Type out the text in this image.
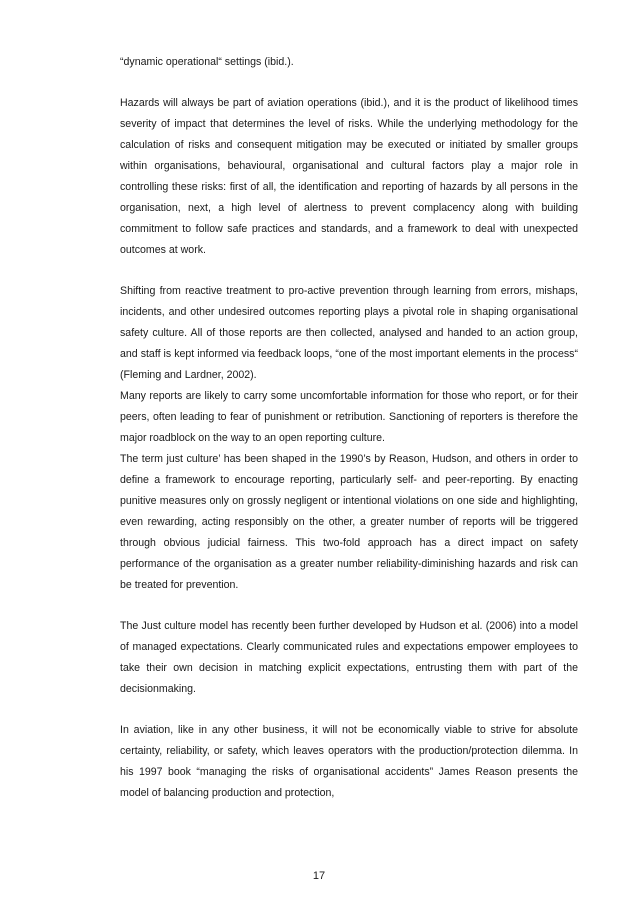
“dynamic operational“ settings (ibid.).

Hazards will always be part of aviation operations (ibid.), and it is the product of likelihood times severity of impact that determines the level of risks. While the underlying methodology for the calculation of risks and consequent mitigation may be executed or initiated by smaller groups within organisations, behavioural, organisational and cultural factors play a major role in controlling these risks: first of all, the identification and reporting of hazards by all persons in the organisation, next, a high level of alertness to prevent complacency along with building commitment to follow safe practices and standards, and a framework to deal with unexpected outcomes at work.

Shifting from reactive treatment to pro-active prevention through learning from errors, mishaps, incidents, and other undesired outcomes reporting plays a pivotal role in shaping organisational safety culture. All of those reports are then collected, analysed and handed to an action group, and staff is kept informed via feedback loops, “one of the most important elements in the process“ (Fleming and Lardner, 2002).

Many reports are likely to carry some uncomfortable information for those who report, or for their peers, often leading to fear of punishment or retribution. Sanctioning of reporters is therefore the major roadblock on the way to an open reporting culture.

The term just culture’ has been shaped in the 1990’s by Reason, Hudson, and others in order to define a framework to encourage reporting, particularly self- and peer-reporting. By enacting punitive measures only on grossly negligent or intentional violations on one side and highlighting, even rewarding, acting responsibly on the other, a greater number of reports will be triggered through obvious judicial fairness. This two-fold approach has a direct impact on safety performance of the organisation as a greater number reliability-diminishing hazards and risk can be treated for prevention.

The Just culture model has recently been further developed by Hudson et al. (2006) into a model of managed expectations. Clearly communicated rules and expectations empower employees to take their own decision in matching explicit expectations, entrusting them with part of the decisionmaking.

In aviation, like in any other business, it will not be economically viable to strive for absolute certainty, reliability, or safety, which leaves operators with the production/protection dilemma. In his 1997 book “managing the risks of organisational accidents” James Reason presents the model of balancing production and protection,

17
